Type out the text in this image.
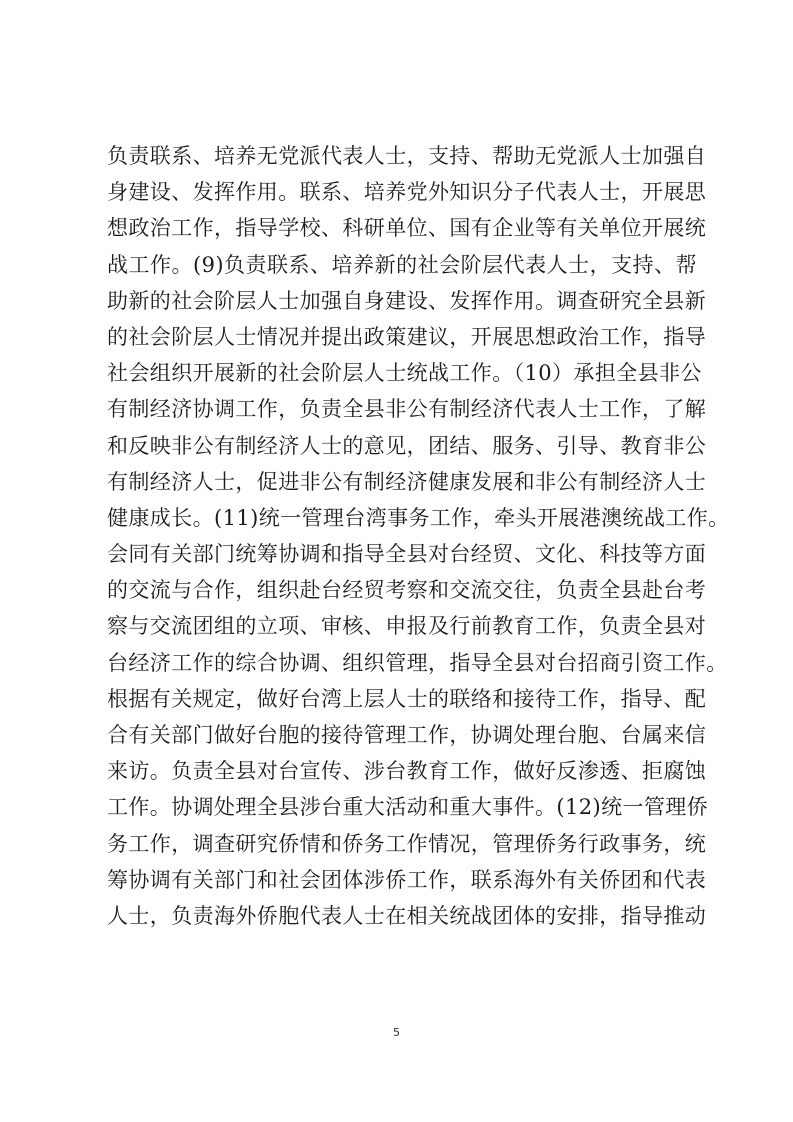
负责联系、培养无党派代表人士，支持、帮助无党派人士加强自
身建设、发挥作用。联系、培养党外知识分子代表人士，开展思
想政治工作，指导学校、科研单位、国有企业等有关单位开展统
战工作。(9)负责联系、培养新的社会阶层代表人士，支持、帮
助新的社会阶层人士加强自身建设、发挥作用。调查研究全县新
的社会阶层人士情况并提出政策建议，开展思想政治工作，指导
社会组织开展新的社会阶层人士统战工作。（10）承担全县非公
有制经济协调工作，负责全县非公有制经济代表人士工作，了解
和反映非公有制经济人士的意见，团结、服务、引导、教育非公
有制经济人士，促进非公有制经济健康发展和非公有制经济人士
健康成长。(11)统一管理台湾事务工作，牵头开展港澳统战工作。
会同有关部门统筹协调和指导全县对台经贸、文化、科技等方面
的交流与合作，组织赴台经贸考察和交流交往，负责全县赴台考
察与交流团组的立项、审核、申报及行前教育工作，负责全县对
台经济工作的综合协调、组织管理，指导全县对台招商引资工作。
根据有关规定，做好台湾上层人士的联络和接待工作，指导、配
合有关部门做好台胞的接待管理工作，协调处理台胞、台属来信
来访。负责全县对台宣传、涉台教育工作，做好反渗透、拒腐蚀
工作。协调处理全县涉台重大活动和重大事件。(12)统一管理侨
务工作，调查研究侨情和侨务工作情况，管理侨务行政事务，统
筹协调有关部门和社会团体涉侨工作，联系海外有关侨团和代表
人士，负责海外侨胞代表人士在相关统战团体的安排，指导推动
5
